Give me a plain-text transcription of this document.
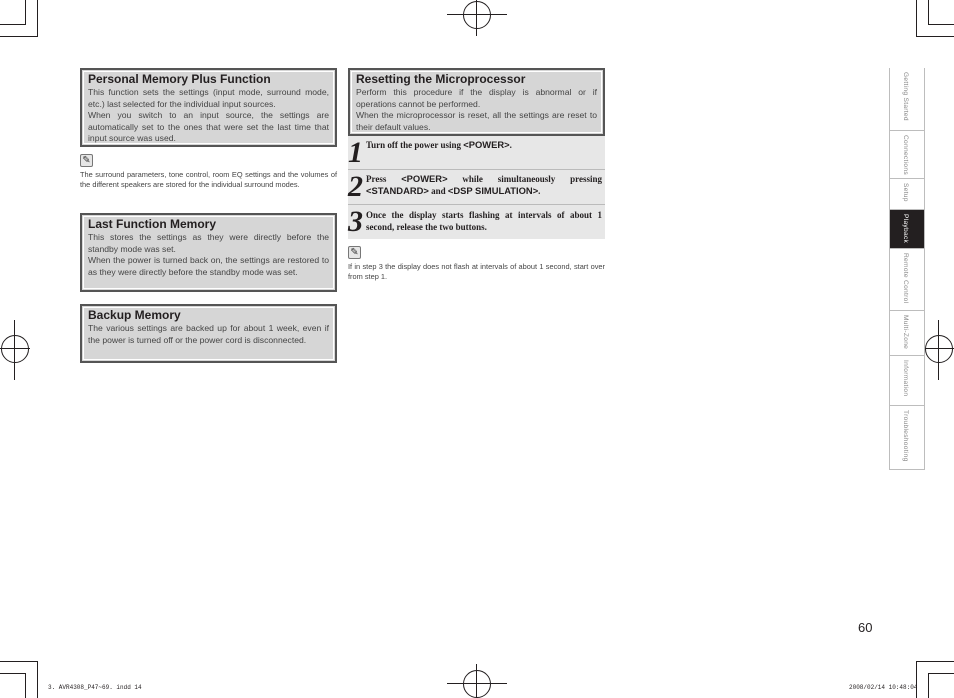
Personal Memory Plus Function

This function sets the settings (input mode, surround mode, etc.) last selected for the individual input sources.

When you switch to an input source, the settings are automatically set to the ones that were set the last time that input source was used.

✎

The surround parameters, tone control, room EQ settings and the volumes of the different speakers are stored for the individual surround modes.

Last Function Memory

This stores the settings as they were directly before the standby mode was set.

When the power is turned back on, the settings are restored to as they were directly before the standby mode was set.

Backup Memory

The various settings are backed up for about 1 week, even if the power is turned off or the power cord is disconnected.

Resetting the Microprocessor

Perform this procedure if the display is abnormal or if operations cannot be performed.

When the microprocessor is reset, all the settings are reset to their default values.

1 Turn off the power using <POWER>.

2 Press <POWER> while simultaneously pressing <STANDARD> and <DSP SIMULATION>.

3 Once the display starts flashing at intervals of about 1 second, release the two buttons.

✎

If in step 3 the display does not flash at intervals of about 1 second, start over from step 1.

Getting Started
Connections
Setup
Playback
Remote Control
Multi-Zone
Information
Troubleshooting
60
3. AVR4308_P47~69. indd 14	2008/02/14 10:48:04
